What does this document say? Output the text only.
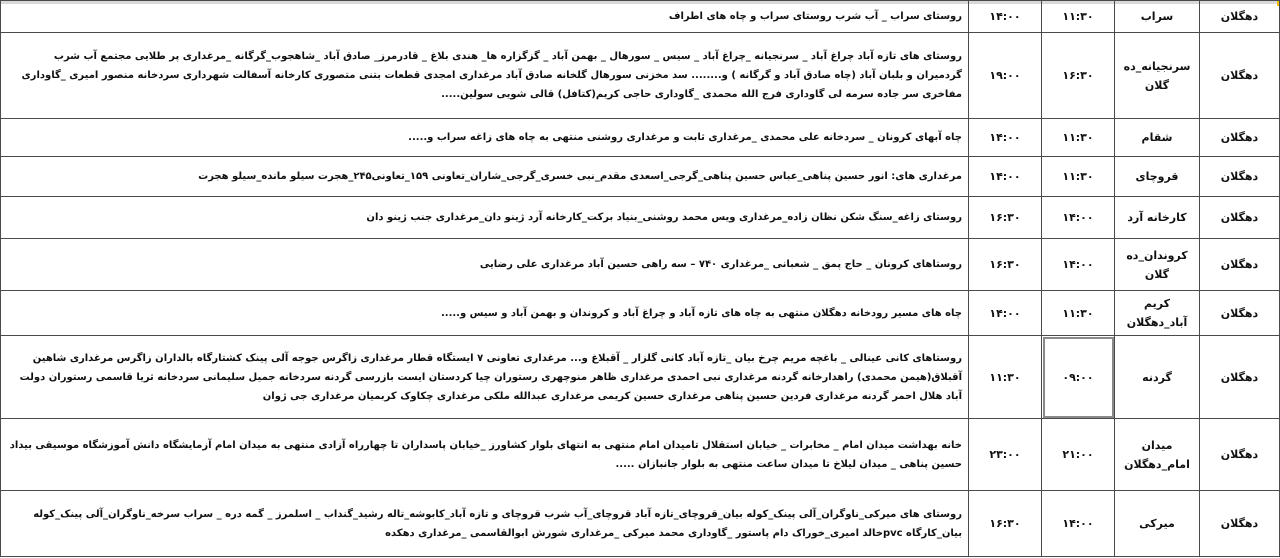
دهگلان	سراب	۱۱:۳۰	۱۴:۰۰	روستای سراب _ آب شرب روستای سراب و چاه های اطراف
دهگلان	سرنجیانه_ده گلان	۱۶:۳۰	۱۹:۰۰	روستای های تازه آباد چراغ آباد _ سرنجیانه _چراغ آباد _ سیس _ سورهال _ بهمن آباد _ گزگزاره ها_ هندی بلاغ _ قادرمرز_ صادق آباد _شاهجوب_گرگانه _مرغداری پر طلایی مجتمع آب شرب گردمیران و بلبان آباد (چاه صادق آباد و گرگانه ) و........ سد مخزنی سورهال گلخانه صادق آباد مرغداری امجدی قطعات بتنی متصوری کارخانه آسفالت شهرداری سردخانه منصور امیری _گاوداری مفاخری سر جاده سرمه لی گاوداری فرج الله محمدی _گاوداری حاجی کریم(کتافل) قالی شویی سولین.....
دهگلان	شقام	۱۱:۳۰	۱۴:۰۰	چاه آبهای کرونان _ سردخانه علی محمدی _مرغداری ثابت و مرغداری روشنی منتهی به چاه های زاغه سراب و.....
دهگلان	قروچای	۱۱:۳۰	۱۴:۰۰	مرغداری های: انور حسین پناهی_عباس حسین پناهی_گرجی_اسعدی مقدم_نبی خسری_گرجی_شاران_تعاونی ۱۵۹_تعاونی۲۴۵_هجرت سیلو مانده_سیلو هجرت
دهگلان	کارخانه آرد	۱۴:۰۰	۱۶:۳۰	روستای زاغه_سنگ شکن نظان زاده_مرغداری ویس محمد روشنی_بنیاد برکت_کارخانه آرد ژینو دان_مرغداری جنب ژینو دان
دهگلان	کروندان_ده گلان	۱۴:۰۰	۱۶:۳۰	روستاهای کرونان _ حاج پمق _ شعبانی _مرغداری ۷۴۰ – سه راهی حسین آباد مرغداری علی رضایی
دهگلان	کریم آباد_دهگلان	۱۱:۳۰	۱۴:۰۰	چاه های مسیر رودخانه دهگلان منتهی به چاه های تازه آباد و چراغ آباد و کروندان و بهمن آباد و سیس و.....
دهگلان	گردنه	۰۹:۰۰	۱۱:۳۰	روستاهای کانی عینالی _ باغچه مریم چرخ بیان _تازه آباد کانی گلزار _ آقبلاغ و... مرغداری تعاونی ۷ ایستگاه قطار مرغداری زاگرس جوجه آلی پینک کشتارگاه بالداران زاگرس مرغداری شاهین آقبلاق(هیمن محمدی) راهدارخانه گردنه مرغداری نبی احمدی مرغداری ظاهر منوچهری رستوران چیا کردستان ایست بازرسی گردنه سردخانه جمیل سلیمانی سردخانه ثریا قاسمی رستوران دولت آباد هلال احمر گردنه مرغداری فردین حسین پناهی مرغداری حسین کریمی مرغداری عبدالله ملکی مرغداری چکاوک کربمیان مرغداری جی ژوان
دهگلان	میدان امام_دهگلان	۲۱:۰۰	۲۳:۰۰	خانه بهداشت میدان امام _ مخابرات _ خیابان استقلال تامیدان امام منتهی به انتهای بلوار کشاورز _خیابان پاسداران تا چهارراه آزادی منتهی به میدان امام آزمایشگاه دانش آموزشگاه موسیقی بیداد حسین پناهی _ میدان لیلاخ تا میدان ساعت منتهی به بلوار جانبازان .....
دهگلان	میرکی	۱۴:۰۰	۱۶:۳۰	روستای های میرکی_ناوگران_آلی پینک_کوله بیان_قروچای_تازه آباد قروچای_آب شرب قروچای و تازه آباد_کابوشه_تاله رشید_گنداب _ اسلمرز _ گمه دره _ سراب سرخه_ناوگران_آلی پینک_کوله بیان_کارگاه pvcخالد امیری_خوراک دام پاستور _گاوداری محمد میرکی _مرغداری شورش ابوالقاسمی _مرغداری دهکده
